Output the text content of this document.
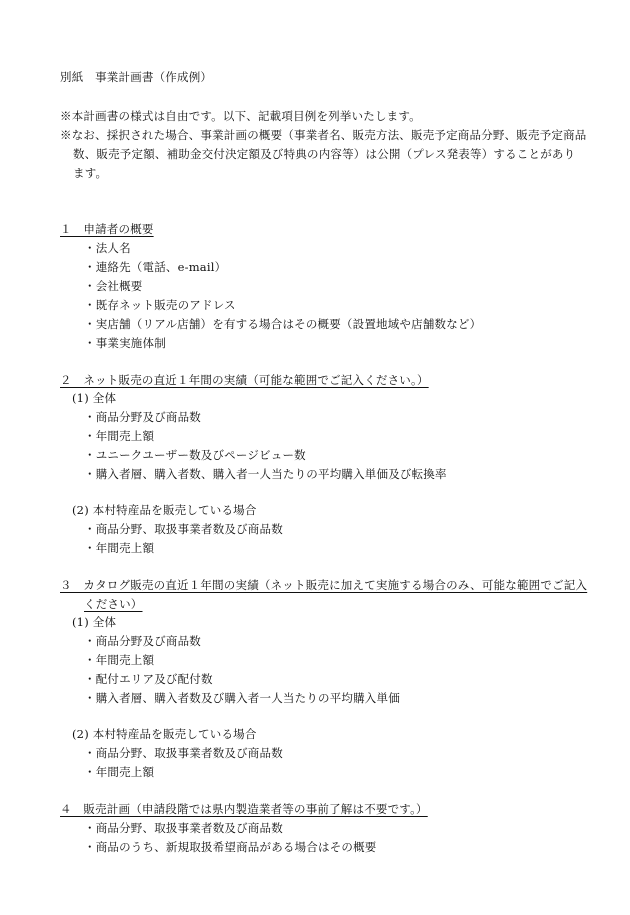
別紙　事業計画書（作成例）
※本計画書の様式は自由です。以下、記載項目例を列挙いたします。
※なお、採択された場合、事業計画の概要（事業者名、販売方法、販売予定商品分野、販売予定商品
数、販売予定額、補助金交付決定額及び特典の内容等）は公開（プレス発表等）することがあり
ます。
１　申請者の概要
・法人名
・連絡先（電話、e-mail）
・会社概要
・既存ネット販売のアドレス
・実店舗（リアル店舗）を有する場合はその概要（設置地域や店舗数など）
・事業実施体制
２　ネット販売の直近１年間の実績（可能な範囲でご記入ください。）
(1) 全体
・商品分野及び商品数
・年間売上額
・ユニークユーザー数及びページビュー数
・購入者層、購入者数、購入者一人当たりの平均購入単価及び転換率
(2) 本村特産品を販売している場合
・商品分野、取扱事業者数及び商品数
・年間売上額
３　カタログ販売の直近１年間の実績（ネット販売に加えて実施する場合のみ、可能な範囲でご記入
ください）
(1) 全体
・商品分野及び商品数
・年間売上額
・配付エリア及び配付数
・購入者層、購入者数及び購入者一人当たりの平均購入単価
(2) 本村特産品を販売している場合
・商品分野、取扱事業者数及び商品数
・年間売上額
４　販売計画（申請段階では県内製造業者等の事前了解は不要です。）
・商品分野、取扱事業者数及び商品数
・商品のうち、新規取扱希望商品がある場合はその概要
